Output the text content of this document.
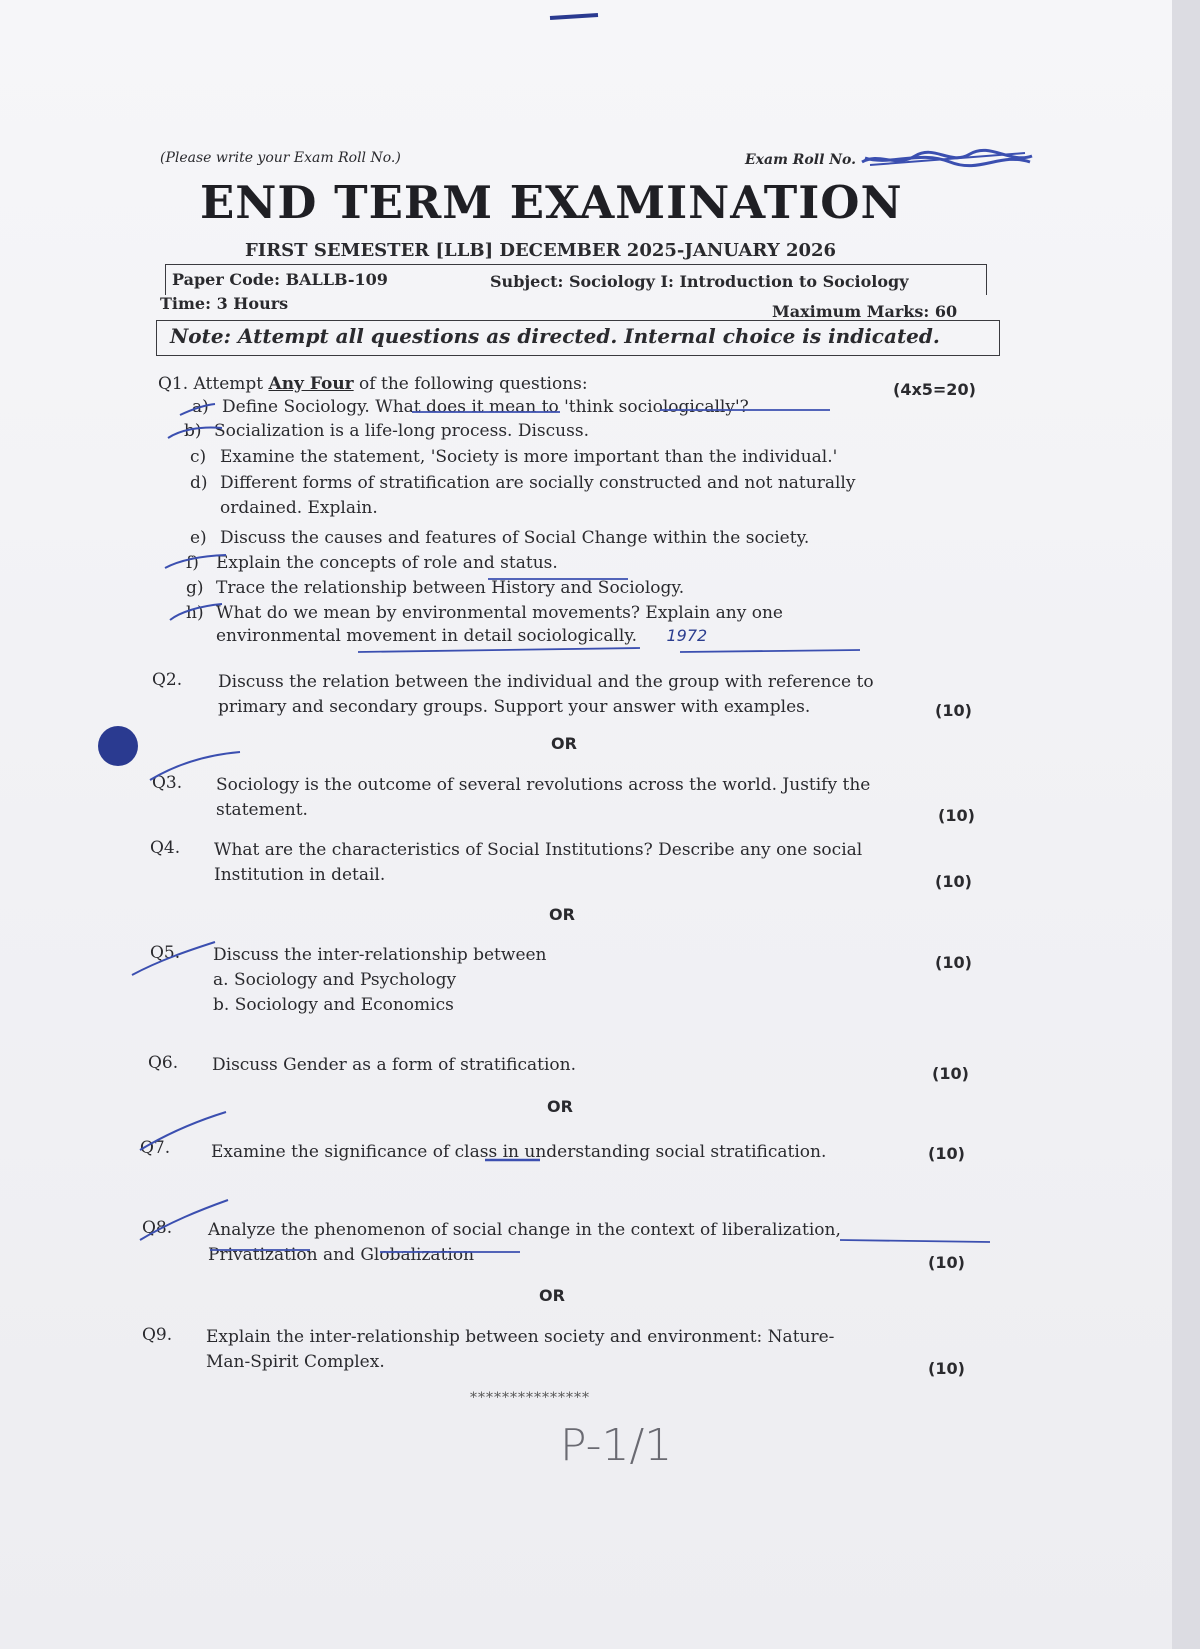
(Please write your Exam Roll No.)	Exam Roll No.
END TERM EXAMINATION
FIRST SEMESTER [LLB] DECEMBER 2025-JANUARY 2026
Paper Code: BALLB-109	Subject: Sociology I: Introduction to Sociology
Time: 3 Hours	Maximum Marks: 60
Note: Attempt all questions as directed. Internal choice is indicated.
Q1. Attempt Any Four of the following questions:	(4x5=20)
a) Define Sociology. What does it mean to 'think sociologically'?
b) Socialization is a life-long process. Discuss.
c) Examine the statement, 'Society is more important than the individual.'
d) Different forms of stratification are socially constructed and not naturally
ordained. Explain.
e) Discuss the causes and features of Social Change within the society.
f) Explain the concepts of role and status.
g) Trace the relationship between History and Sociology.
h) What do we mean by environmental movements? Explain any one
environmental movement in detail sociologically. 1972
Q2. Discuss the relation between the individual and the group with reference to
primary and secondary groups. Support your answer with examples.	(10)
OR
Q3. Sociology is the outcome of several revolutions across the world. Justify the
statement.	(10)
Q4. What are the characteristics of Social Institutions? Describe any one social
Institution in detail.	(10)
OR
Q5. Discuss the inter-relationship between
a. Sociology and Psychology
b. Sociology and Economics
(10)
Q6. Discuss Gender as a form of stratification.	(10)
OR
Q7. Examine the significance of class in understanding social stratification.	(10)
Q8. Analyze the phenomenon of social change in the context of liberalization,
Privatization and Globalization	(10)
OR
Q9. Explain the inter-relationship between society and environment: Nature-
Man-Spirit Complex.	(10)
***************
P-1/1
